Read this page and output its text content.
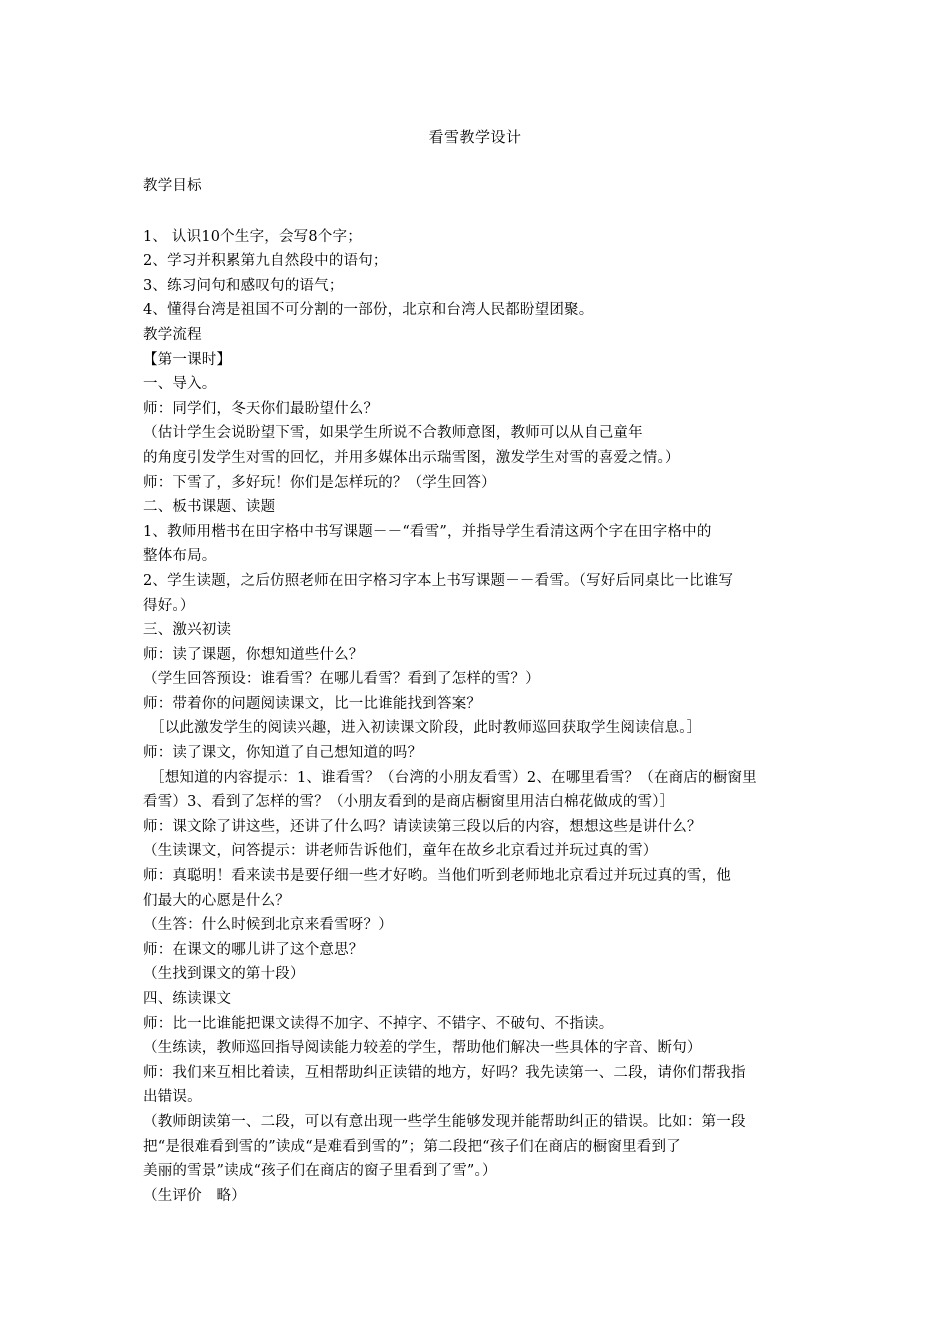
看雪教学设计
教学目标
1、 认识10个生字，会写8个字；
2、学习并积累第九自然段中的语句；
3、练习问句和感叹句的语气；
4、懂得台湾是祖国不可分割的一部份，北京和台湾人民都盼望团聚。
教学流程
【第一课时】
一、导入。
师：同学们，冬天你们最盼望什么？
（估计学生会说盼望下雪，如果学生所说不合教师意图，教师可以从自己童年
的角度引发学生对雪的回忆，并用多媒体出示瑞雪图，激发学生对雪的喜爱之情。）
师：下雪了，多好玩！你们是怎样玩的？（学生回答）
二、板书课题、读题
1、教师用楷书在田字格中书写课题－－“看雪”，并指导学生看清这两个字在田字格中的
整体布局。
2、学生读题，之后仿照老师在田字格习字本上书写课题－－看雪。（写好后同桌比一比谁写
得好。）
三、激兴初读
师：读了课题，你想知道些什么？
（学生回答预设：谁看雪？在哪儿看雪？看到了怎样的雪？）
师：带着你的问题阅读课文，比一比谁能找到答案？
［以此激发学生的阅读兴趣，进入初读课文阶段，此时教师巡回获取学生阅读信息。］
师：读了课文，你知道了自己想知道的吗？
［想知道的内容提示：1、谁看雪？（台湾的小朋友看雪）2、在哪里看雪？（在商店的橱窗里
看雪）3、看到了怎样的雪？（小朋友看到的是商店橱窗里用洁白棉花做成的雪）］
师：课文除了讲这些，还讲了什么吗？请读读第三段以后的内容，想想这些是讲什么？
（生读课文，问答提示：讲老师告诉他们，童年在故乡北京看过并玩过真的雪）
师：真聪明！看来读书是要仔细一些才好哟。当他们听到老师地北京看过并玩过真的雪，他
们最大的心愿是什么？
（生答：什么时候到北京来看雪呀？）
师：在课文的哪儿讲了这个意思？
（生找到课文的第十段）
四、练读课文
师：比一比谁能把课文读得不加字、不掉字、不错字、不破句、不指读。
（生练读，教师巡回指导阅读能力较差的学生，帮助他们解决一些具体的字音、断句）
师：我们来互相比着读，互相帮助纠正读错的地方，好吗？我先读第一、二段，请你们帮我指
出错误。
（教师朗读第一、二段，可以有意出现一些学生能够发现并能帮助纠正的错误。比如：第一段
把“是很难看到雪的”读成“是难看到雪的”；第二段把“孩子们在商店的橱窗里看到了
美丽的雪景”读成“孩子们在商店的窗子里看到了雪”。）
（生评价　略）
